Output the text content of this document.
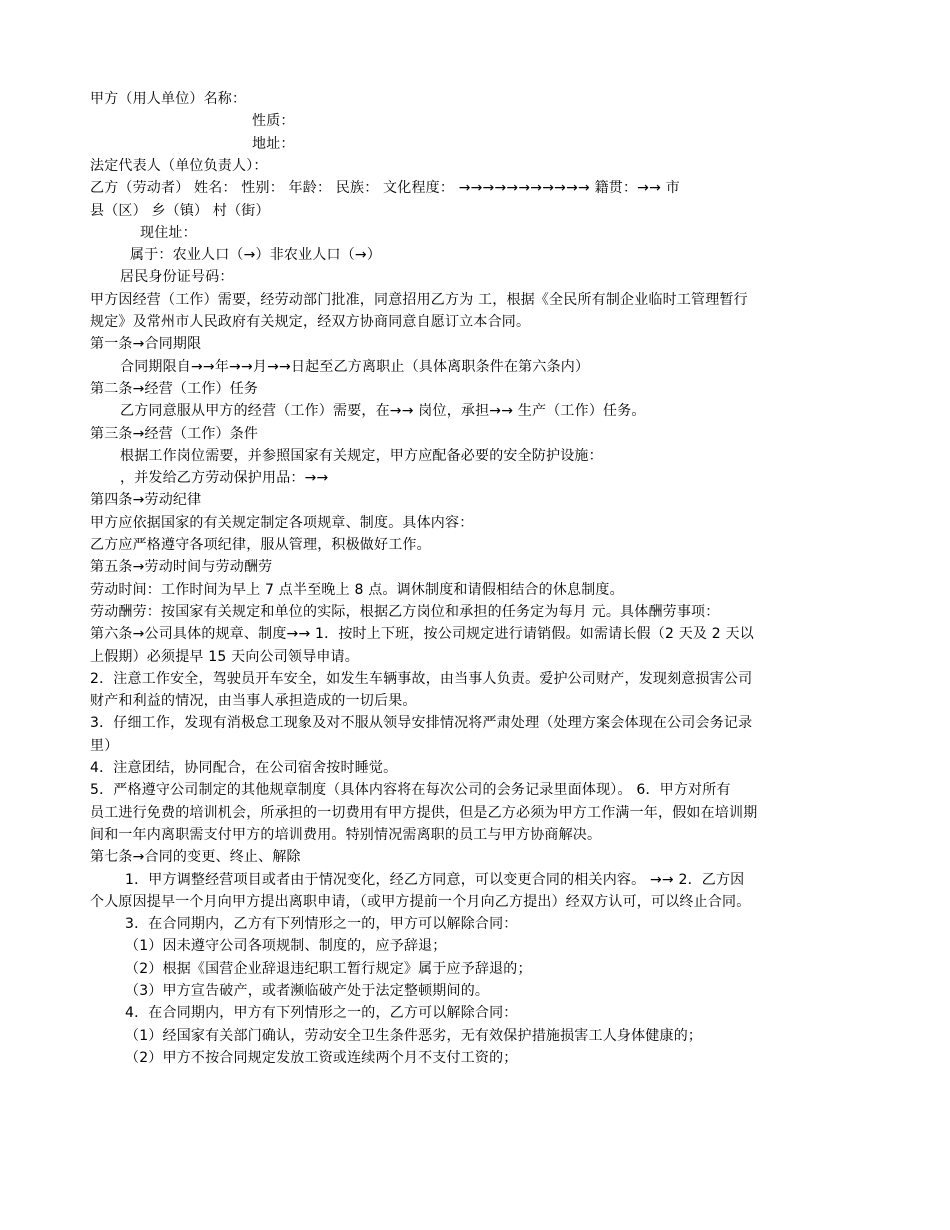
甲方（用人单位）名称：
性质：
地址：
法定代表人（单位负责人）：
乙方（劳动者） 姓名： 性别： 年龄： 民族： 文化程度： →→→→→→→→→→→ 籍贯：→→ 市
县（区） 乡（镇） 村（街）
现住址：
属于：农业人口（→）非农业人口（→）
居民身份证号码：
甲方因经营（工作）需要，经劳动部门批准，同意招用乙方为 工，根据《全民所有制企业临时工管理暂行
规定》及常州市人民政府有关规定，经双方协商同意自愿订立本合同。
第一条→合同期限
合同期限自→→年→→月→→日起至乙方离职止（具体离职条件在第六条内）
第二条→经营（工作）任务
乙方同意服从甲方的经营（工作）需要，在→→ 岗位，承担→→ 生产（工作）任务。
第三条→经营（工作）条件
根据工作岗位需要，并参照国家有关规定，甲方应配备必要的安全防护设施：
，并发给乙方劳动保护用品：→→
第四条→劳动纪律
甲方应依据国家的有关规定制定各项规章、制度。具体内容：
乙方应严格遵守各项纪律，服从管理，积极做好工作。
第五条→劳动时间与劳动酬劳
劳动时间：工作时间为早上 7 点半至晚上 8 点。调休制度和请假相结合的休息制度。
劳动酬劳：按国家有关规定和单位的实际，根据乙方岗位和承担的任务定为每月 元。具体酬劳事项：
第六条→公司具体的规章、制度→→ 1．按时上下班，按公司规定进行请销假。如需请长假（2 天及 2 天以
上假期）必须提早 15 天向公司领导申请。
2．注意工作安全，驾驶员开车安全，如发生车辆事故，由当事人负责。爱护公司财产，发现刻意损害公司
财产和利益的情况，由当事人承担造成的一切后果。
3．仔细工作，发现有消极怠工现象及对不服从领导安排情况将严肃处理（处理方案会体现在公司会务记录
里）
4．注意团结，协同配合，在公司宿舍按时睡觉。
5．严格遵守公司制定的其他规章制度（具体内容将在每次公司的会务记录里面体现）。 6．甲方对所有
员工进行免费的培训机会，所承担的一切费用有甲方提供，但是乙方必须为甲方工作满一年，假如在培训期
间和一年内离职需支付甲方的培训费用。特别情况需离职的员工与甲方协商解决。
第七条→合同的变更、终止、解除
1．甲方调整经营项目或者由于情况变化，经乙方同意，可以变更合同的相关内容。 →→ 2．乙方因
个人原因提早一个月向甲方提出离职申请，（或甲方提前一个月向乙方提出）经双方认可，可以终止合同。
3．在合同期内，乙方有下列情形之一的，甲方可以解除合同：
（1）因未遵守公司各项规制、制度的，应予辞退；
（2）根据《国营企业辞退违纪职工暂行规定》属于应予辞退的；
（3）甲方宣告破产，或者濒临破产处于法定整顿期间的。
4．在合同期内，甲方有下列情形之一的，乙方可以解除合同：
（1）经国家有关部门确认，劳动安全卫生条件恶劣，无有效保护措施损害工人身体健康的；
（2）甲方不按合同规定发放工资或连续两个月不支付工资的；
